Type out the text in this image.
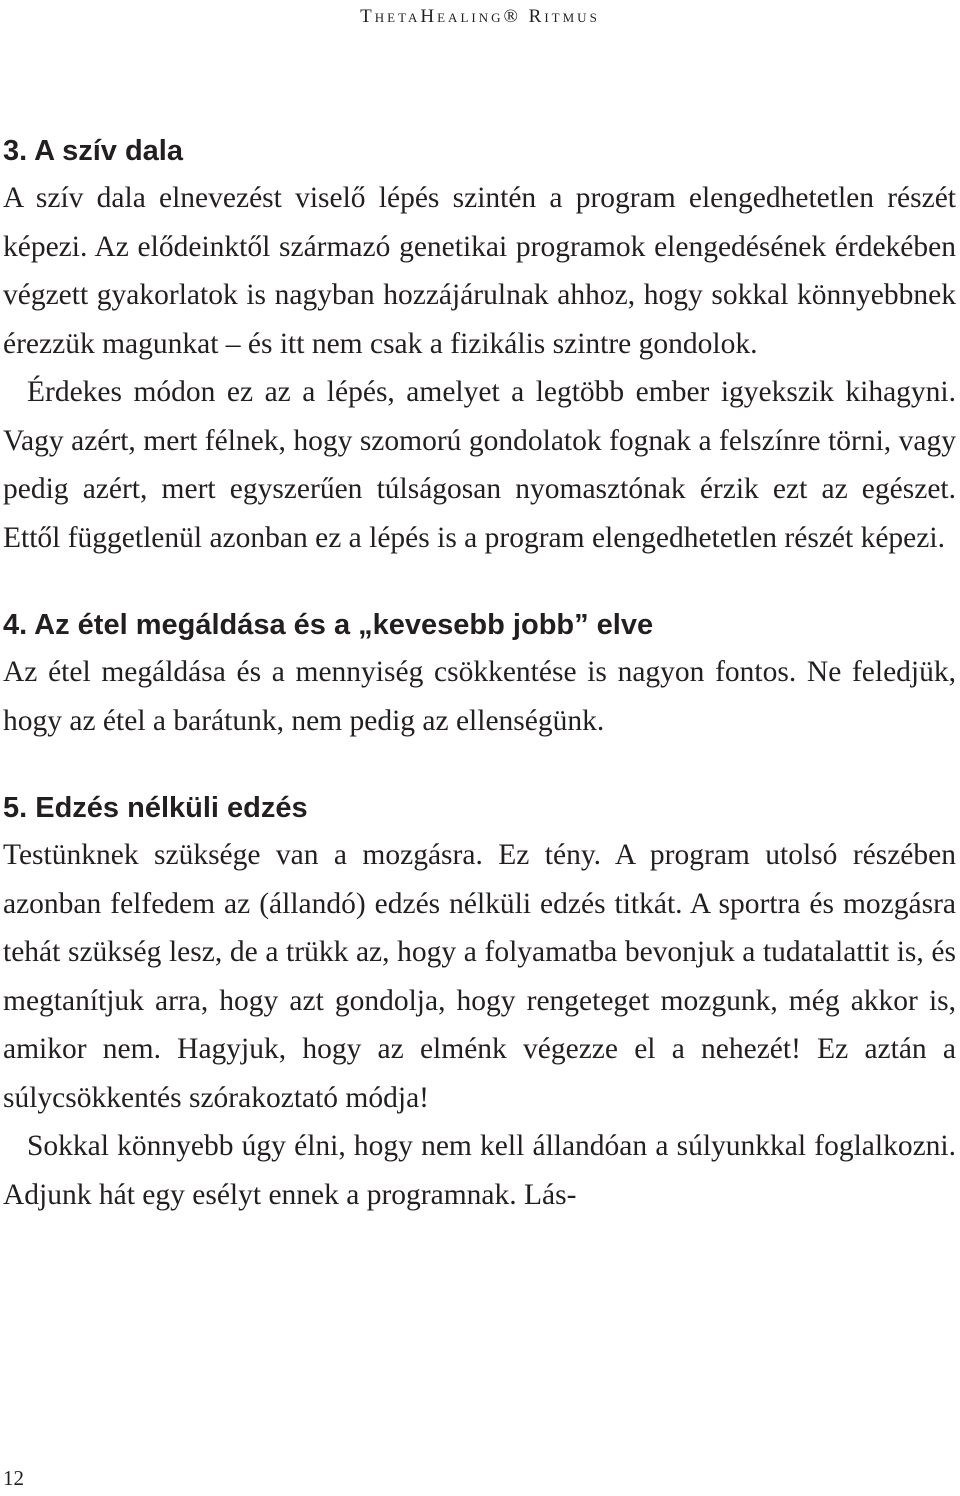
ThetaHealing® Ritmus
3. A szív dala

A szív dala elnevezést viselő lépés szintén a program elengedhetetlen részét képezi. Az elődeinktől származó genetikai programok elengedésének érdekében végzett gyakorlatok is nagyban hozzájárulnak ahhoz, hogy sokkal könnyebbnek érezzük magunkat – és itt nem csak a fizikális szintre gondolok.

Érdekes módon ez az a lépés, amelyet a legtöbb ember igyekszik kihagyni. Vagy azért, mert félnek, hogy szomorú gondolatok fognak a felszínre törni, vagy pedig azért, mert egyszerűen túlságosan nyomasztónak érzik ezt az egészet. Ettől függetlenül azonban ez a lépés is a program elengedhetetlen részét képezi.

4. Az étel megáldása és a „kevesebb jobb” elve

Az étel megáldása és a mennyiség csökkentése is nagyon fontos. Ne feledjük, hogy az étel a barátunk, nem pedig az ellenségünk.

5. Edzés nélküli edzés

Testünknek szüksége van a mozgásra. Ez tény. A program utolsó részében azonban felfedem az (állandó) edzés nélküli edzés titkát. A sportra és mozgásra tehát szükség lesz, de a trükk az, hogy a folyamatba bevonjuk a tudatalattit is, és megtanítjuk arra, hogy azt gondolja, hogy rengeteget mozgunk, még akkor is, amikor nem. Hagyjuk, hogy az elménk végezze el a nehezét! Ez aztán a súlycsökkentés szórakoztató módja!

Sokkal könnyebb úgy élni, hogy nem kell állandóan a súlyunkkal foglalkozni. Adjunk hát egy esélyt ennek a programnak. Lás-

12
